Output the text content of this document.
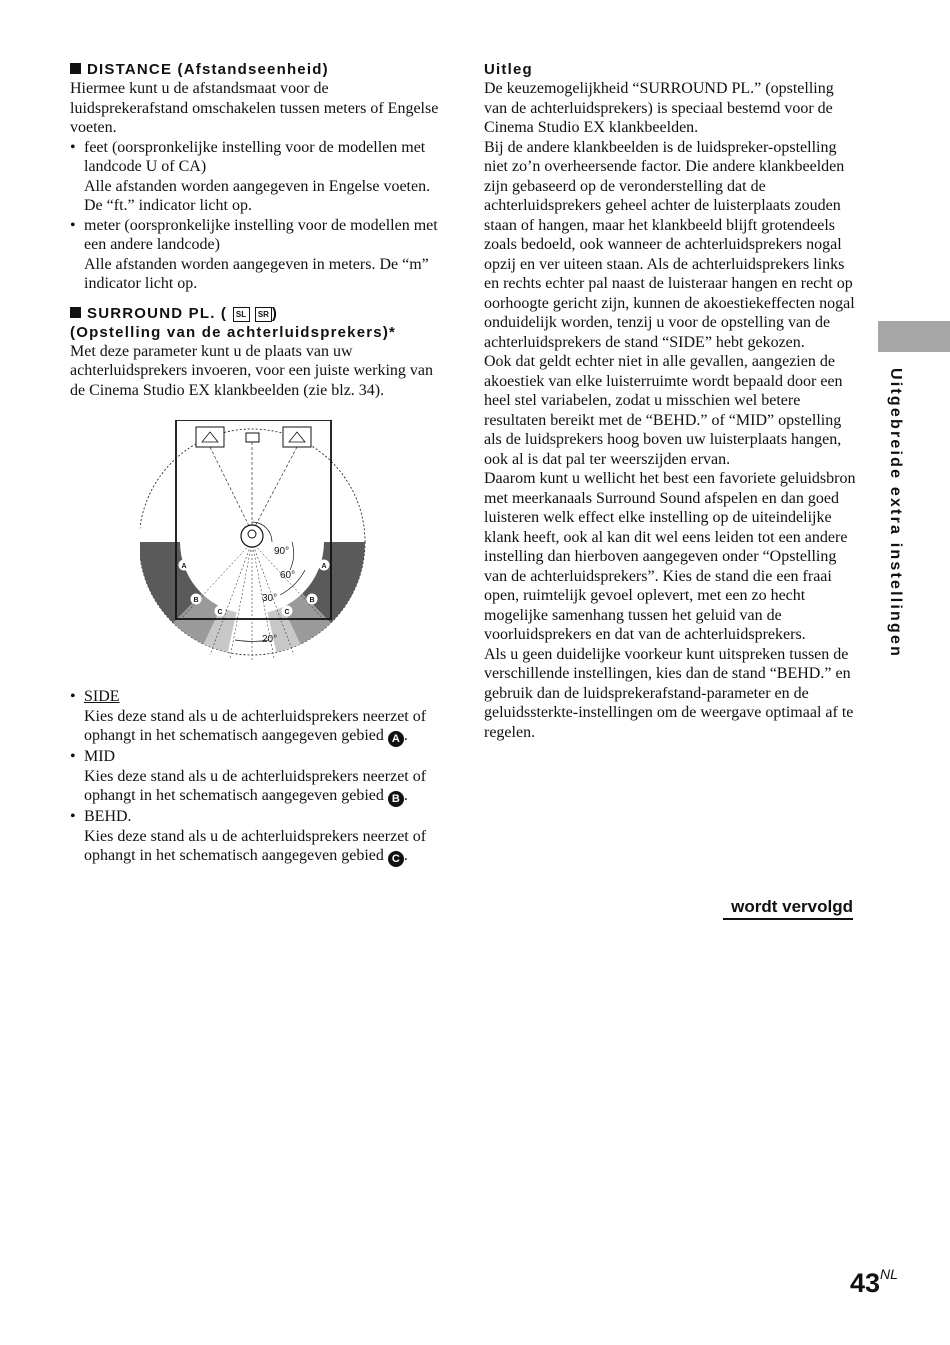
DISTANCE (Afstandseenheid)

Hiermee kunt u de afstandsmaat voor de luidsprekerafstand omschakelen tussen meters of Engelse voeten.

• feet (oorspronkelijke instelling voor de modellen met landcode U of CA)
Alle afstanden worden aangegeven in Engelse voeten. De “ft.” indicator licht op.
• meter (oorspronkelijke instelling voor de modellen met een andere landcode)
Alle afstanden worden aangegeven in meters. De “m” indicator licht op.

SURROUND PL. ( SL SR )

(Opstelling van de achterluidsprekers)*

Met deze parameter kunt u de plaats van uw achterluidsprekers invoeren, voor een juiste werking van de Cinema Studio EX klankbeelden (zie blz. 34).

90°
60°
30°
20°
A	A
B	B
C	C
• SIDE
Kies deze stand als u de achterluidsprekers neerzet of ophangt in het schematisch aangegeven gebied A .
• MID
Kies deze stand als u de achterluidsprekers neerzet of ophangt in het schematisch aangegeven gebied B .
• BEHD.
Kies deze stand als u de achterluidsprekers neerzet of ophangt in het schematisch aangegeven gebied C .

Uitleg

De keuzemogelijkheid “SURROUND PL.” (opstelling van de achterluidsprekers) is speciaal bestemd voor de Cinema Studio EX klankbeelden.

Bij de andere klankbeelden is de luidspreker-opstelling niet zo’n overheersende factor. Die andere klankbeelden zijn gebaseerd op de veronderstelling dat de achterluidsprekers geheel achter de luisterplaats zouden staan of hangen, maar het klankbeeld blijft grotendeels zoals bedoeld, ook wanneer de achterluidsprekers nogal opzij en ver uiteen staan. Als de achterluidsprekers links en rechts echter pal naast de luisteraar hangen en recht op oorhoogte gericht zijn, kunnen de akoestiekeffecten nogal onduidelijk worden, tenzij u voor de opstelling van de achterluidsprekers de stand “SIDE” hebt gekozen.

Ook dat geldt echter niet in alle gevallen, aangezien de akoestiek van elke luisterruimte wordt bepaald door een heel stel variabelen, zodat u misschien wel betere resultaten bereikt met de “BEHD.” of “MID” opstelling als de luidsprekers hoog boven uw luisterplaats hangen, ook al is dat pal ter weerszijden ervan.

Daarom kunt u wellicht het best een favoriete geluidsbron met meerkanaals Surround Sound afspelen en dan goed luisteren welk effect elke instelling op de uiteindelijke klank heeft, ook al kan dit wel eens leiden tot een andere instelling dan hierboven aangegeven onder “Opstelling van de achterluidsprekers”. Kies de stand die een fraai open, ruimtelijk gevoel oplevert, met een zo hecht mogelijke samenhang tussen het geluid van de voorluidsprekers en dat van de achterluidsprekers.

Als u geen duidelijke voorkeur kunt uitspreken tussen de verschillende instellingen, kies dan de stand “BEHD.” en gebruik dan de luidsprekerafstand-parameter en de geluidssterkte-instellingen om de weergave optimaal af te regelen.

wordt vervolgd
Uitgebreide extra instellingen
$43^{NL}$
